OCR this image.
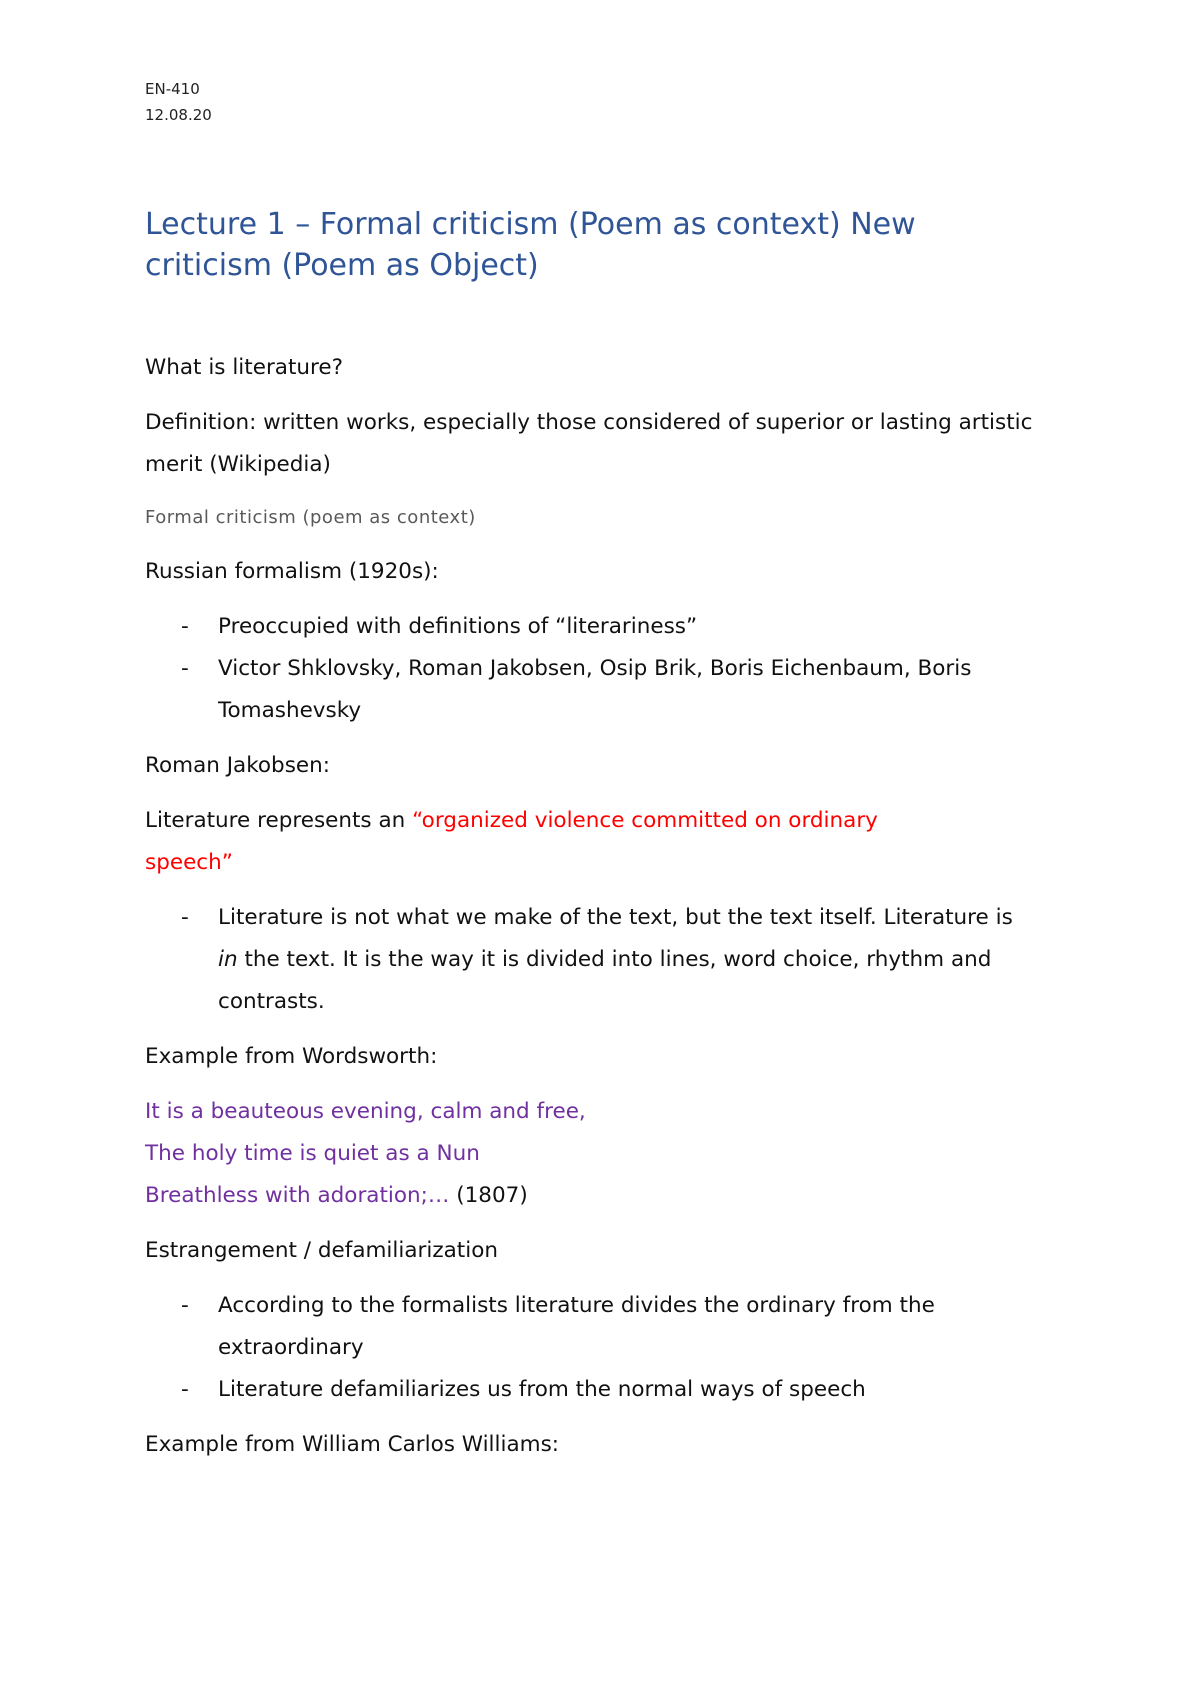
EN-410
12.08.20
Lecture 1 – Formal criticism (Poem as context) New criticism (Poem as Object)
What is literature?
Definition: written works, especially those considered of superior or lasting artistic merit (Wikipedia)
Formal criticism (poem as context)
Russian formalism (1920s):
- Preoccupied with definitions of “literariness”
- Victor Shklovsky, Roman Jakobsen, Osip Brik, Boris Eichenbaum, Boris Tomashevsky
Roman Jakobsen:
Literature represents an “organized violence committed on ordinary speech”
- Literature is not what we make of the text, but the text itself. Literature is in the text. It is the way it is divided into lines, word choice, rhythm and contrasts.
Example from Wordsworth:
It is a beauteous evening, calm and free,
The holy time is quiet as a Nun
Breathless with adoration;… (1807)
Estrangement / defamiliarization
- According to the formalists literature divides the ordinary from the extraordinary
- Literature defamiliarizes us from the normal ways of speech
Example from William Carlos Williams:
